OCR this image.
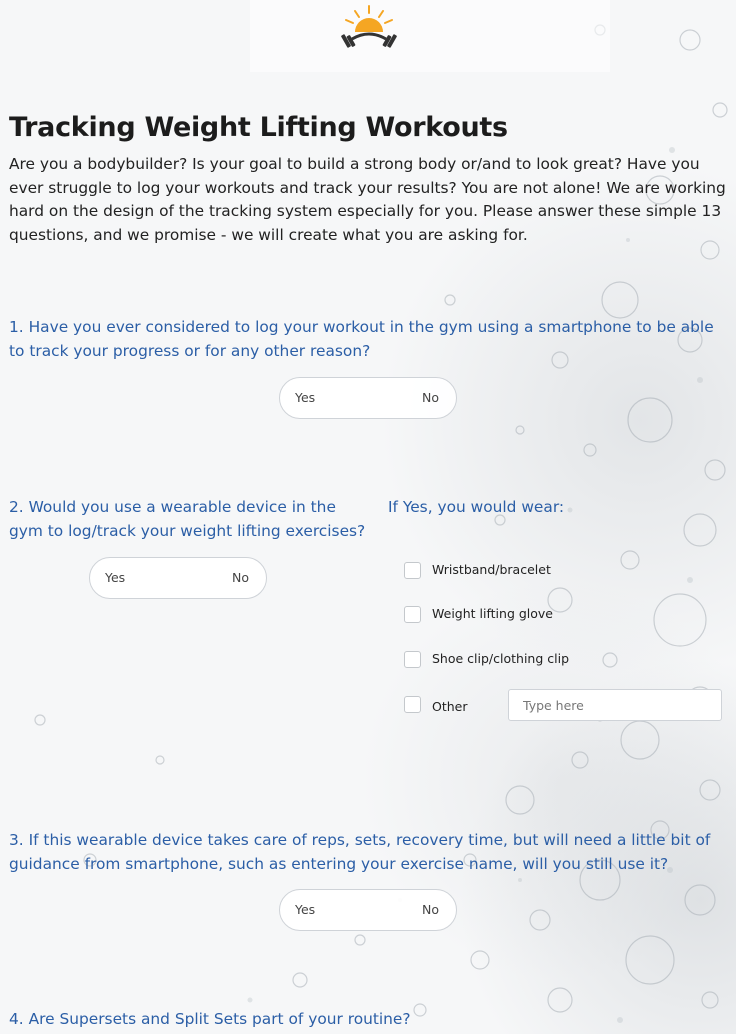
Tracking Weight Lifting Workouts

Are you a bodybuilder? Is your goal to build a strong body or/and to look great? Have you ever struggle to log your workouts and track your results? You are not alone! We are working hard on the design of the tracking system especially for you. Please answer these simple 13 questions, and we promise - we will create what you are asking for.

1. Have you ever considered to log your workout in the gym using a smartphone to be able to track your progress or for any other reason?

Yes	No

2. Would you use a wearable device in the
gym to log/track your weight lifting exercises?

Yes	No

If Yes, you would wear:

Wristband/bracelet
Weight lifting glove
Shoe clip/clothing clip
Other
Type here

3. If this wearable device takes care of reps, sets, recovery time, but will need a little bit of guidance from smartphone, such as entering your exercise name, will you still use it?

Yes	No

4. Are Supersets and Split Sets part of your routine?
